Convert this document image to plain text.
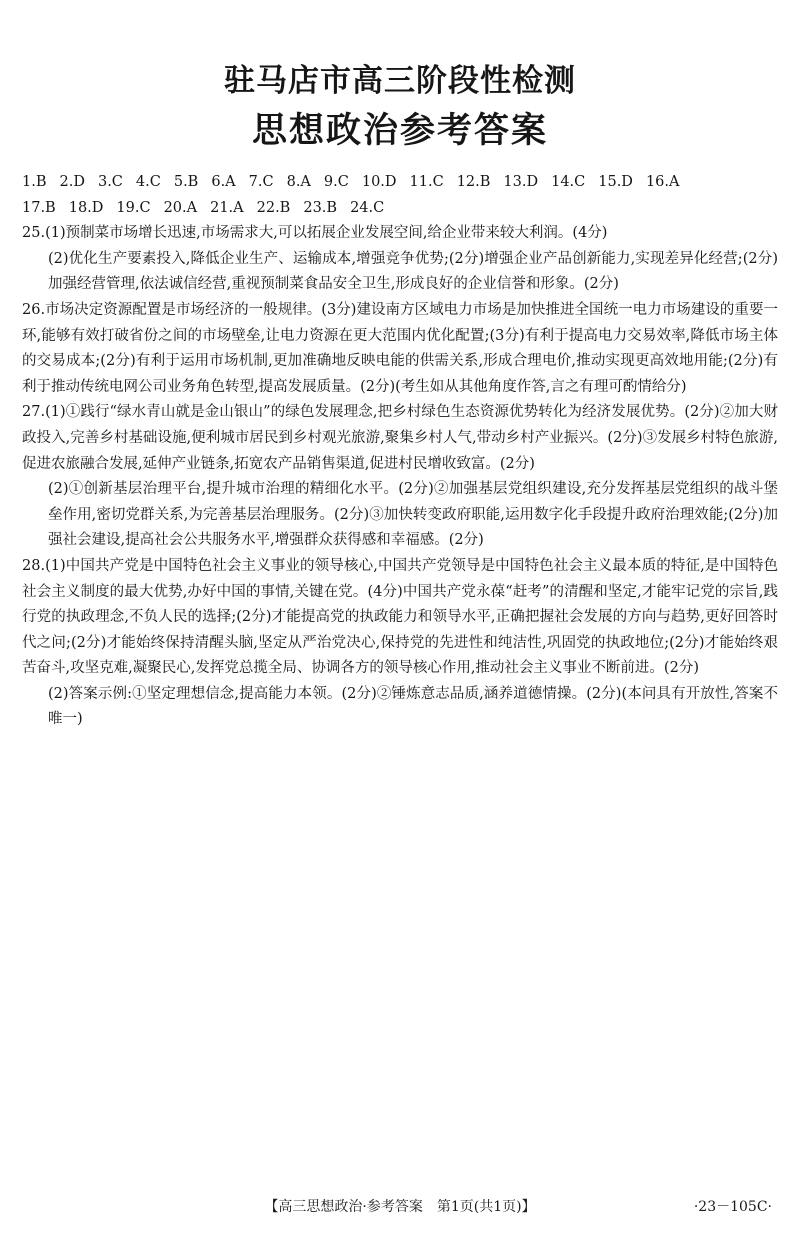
驻马店市高三阶段性检测
思想政治参考答案
1.B 2.D 3.C 4.C 5.B 6.A 7.C 8.A 9.C 10.D 11.C 12.B 13.D 14.C 15.D 16.A
17.B 18.D 19.C 20.A 21.A 22.B 23.B 24.C

25.(1)预制菜市场增长迅速,市场需求大,可以拓展企业发展空间,给企业带来较大利润。(4分)

(2)优化生产要素投入,降低企业生产、运输成本,增强竞争优势;(2分)增强企业产品创新能力,实现差异化经营;(2分)加强经营管理,依法诚信经营,重视预制菜食品安全卫生,形成良好的企业信誉和形象。(2分)

26.市场决定资源配置是市场经济的一般规律。(3分)建设南方区域电力市场是加快推进全国统一电力市场建设的重要一环,能够有效打破省份之间的市场壁垒,让电力资源在更大范围内优化配置;(3分)有利于提高电力交易效率,降低市场主体的交易成本;(2分)有利于运用市场机制,更加准确地反映电能的供需关系,形成合理电价,推动实现更高效地用能;(2分)有利于推动传统电网公司业务角色转型,提高发展质量。(2分)(考生如从其他角度作答,言之有理可酌情给分)

27.(1)①践行“绿水青山就是金山银山”的绿色发展理念,把乡村绿色生态资源优势转化为经济发展优势。(2分)②加大财政投入,完善乡村基础设施,便利城市居民到乡村观光旅游,聚集乡村人气,带动乡村产业振兴。(2分)③发展乡村特色旅游,促进农旅融合发展,延伸产业链条,拓宽农产品销售渠道,促进村民增收致富。(2分)

(2)①创新基层治理平台,提升城市治理的精细化水平。(2分)②加强基层党组织建设,充分发挥基层党组织的战斗堡垒作用,密切党群关系,为完善基层治理服务。(2分)③加快转变政府职能,运用数字化手段提升政府治理效能;(2分)加强社会建设,提高社会公共服务水平,增强群众获得感和幸福感。(2分)

28.(1)中国共产党是中国特色社会主义事业的领导核心,中国共产党领导是中国特色社会主义最本质的特征,是中国特色社会主义制度的最大优势,办好中国的事情,关键在党。(4分)中国共产党永葆“赶考”的清醒和坚定,才能牢记党的宗旨,践行党的执政理念,不负人民的选择;(2分)才能提高党的执政能力和领导水平,正确把握社会发展的方向与趋势,更好回答时代之问;(2分)才能始终保持清醒头脑,坚定从严治党决心,保持党的先进性和纯洁性,巩固党的执政地位;(2分)才能始终艰苦奋斗,攻坚克难,凝聚民心,发挥党总揽全局、协调各方的领导核心作用,推动社会主义事业不断前进。(2分)

(2)答案示例:①坚定理想信念,提高能力本领。(2分)②锤炼意志品质,涵养道德情操。(2分)(本问具有开放性,答案不唯一)

【高三思想政治·参考答案　第1页(共1页)】	·23－105C·
